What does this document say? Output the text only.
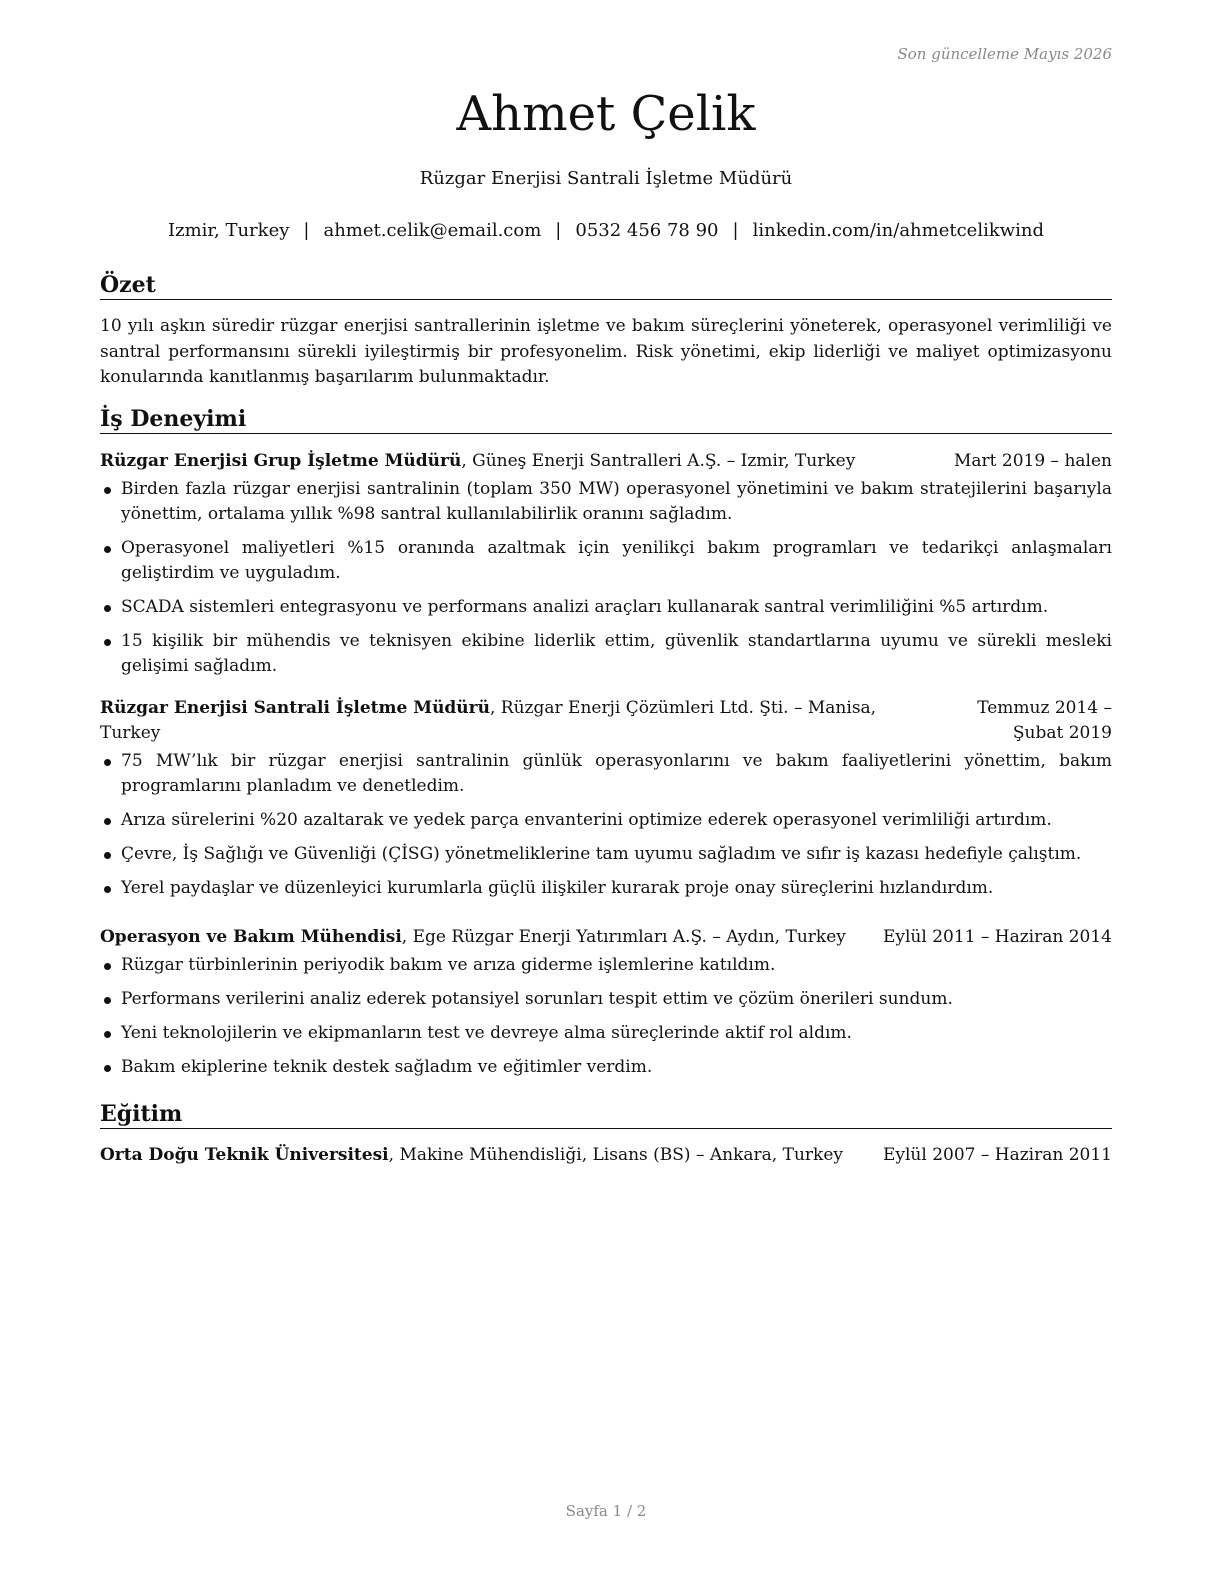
Son güncelleme Mayıs 2026
Ahmet Çelik
Rüzgar Enerjisi Santrali İşletme Müdürü
Izmir, Turkey | ahmet.celik@email.com | 0532 456 78 90 | linkedin.com/in/ahmetcelikwind
Özet
10 yılı aşkın süredir rüzgar enerjisi santrallerinin işletme ve bakım süreçlerini yöneterek, operasyonel verimliliği ve santral performansını sürekli iyileştirmiş bir profesyonelim. Risk yönetimi, ekip liderliği ve maliyet optimizasyonu konularında kanıtlanmış başarılarım bulunmaktadır.
İş Deneyimi
Rüzgar Enerjisi Grup İşletme Müdürü, Güneş Enerji Santralleri A.Ş. – Izmir, Turkey	Mart 2019 – halen
Birden fazla rüzgar enerjisi santralinin (toplam 350 MW) operasyonel yönetimini ve bakım stratejilerini başarıyla yönettim, ortalama yıllık %98 santral kullanılabilirlik oranını sağladım.
Operasyonel maliyetleri %15 oranında azaltmak için yenilikçi bakım programları ve tedarikçi anlaşmaları geliştirdim ve uyguladım.
SCADA sistemleri entegrasyonu ve performans analizi araçları kullanarak santral verimliliğini %5 artırdım.
15 kişilik bir mühendis ve teknisyen ekibine liderlik ettim, güvenlik standartlarına uyumu ve sürekli mesleki gelişimi sağladım.
Rüzgar Enerjisi Santrali İşletme Müdürü, Rüzgar Enerji Çözümleri Ltd. Şti. – Manisa, Turkey
Temmuz 2014 – Şubat 2019
75 MW’lık bir rüzgar enerjisi santralinin günlük operasyonlarını ve bakım faaliyetlerini yönettim, bakım programlarını planladım ve denetledim.
Arıza sürelerini %20 azaltarak ve yedek parça envanterini optimize ederek operasyonel verimliliği artırdım.
Çevre, İş Sağlığı ve Güvenliği (ÇİSG) yönetmeliklerine tam uyumu sağladım ve sıfır iş kazası hedefiyle çalıştım.
Yerel paydaşlar ve düzenleyici kurumlarla güçlü ilişkiler kurarak proje onay süreçlerini hızlandırdım.
Operasyon ve Bakım Mühendisi, Ege Rüzgar Enerji Yatırımları A.Ş. – Aydın, Turkey	Eylül 2011 – Haziran 2014
Rüzgar türbinlerinin periyodik bakım ve arıza giderme işlemlerine katıldım.
Performans verilerini analiz ederek potansiyel sorunları tespit ettim ve çözüm önerileri sundum.
Yeni teknolojilerin ve ekipmanların test ve devreye alma süreçlerinde aktif rol aldım.
Bakım ekiplerine teknik destek sağladım ve eğitimler verdim.
Eğitim
Orta Doğu Teknik Üniversitesi, Makine Mühendisliği, Lisans (BS) – Ankara, Turkey	Eylül 2007 – Haziran 2011
Sayfa 1 / 2
